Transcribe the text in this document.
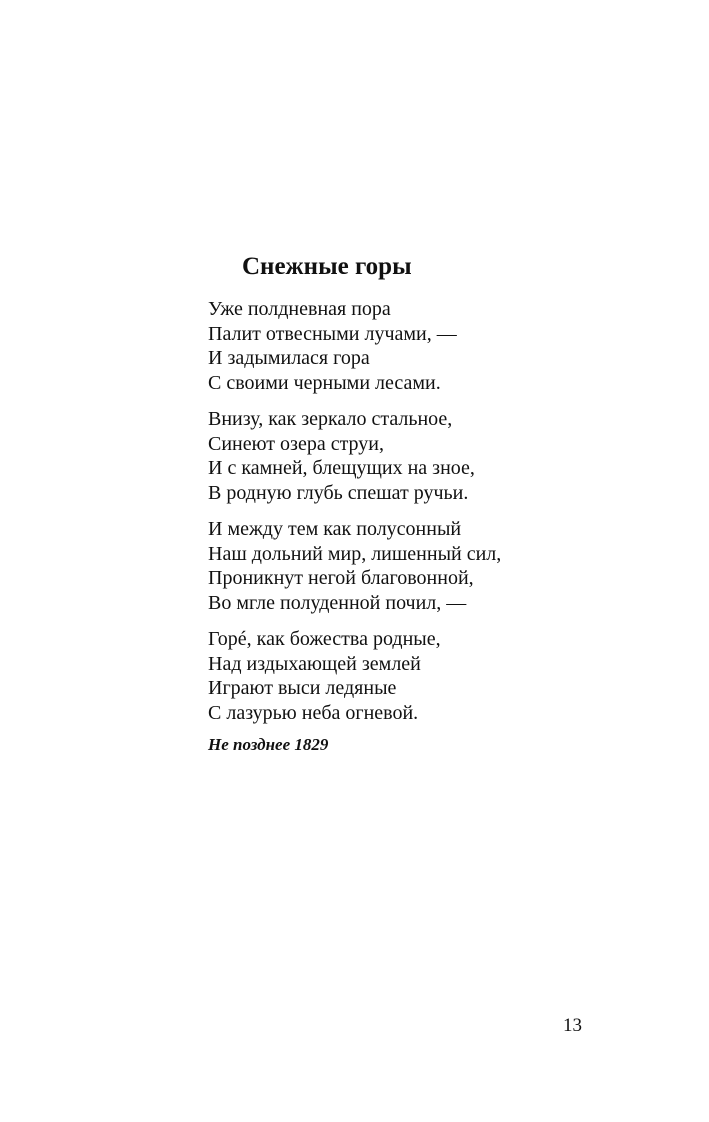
Снежные горы

Уже полдневная пора
Палит отвесными лучами, —
И задымилася гора
С своими черными лесами.

Внизу, как зеркало стальное,
Синеют озера струи,
И с камней, блещущих на зное,
В родную глубь спешат ручьи.

И между тем как полусонный
Наш дольний мир, лишенный сил,
Проникнут негой благовонной,
Во мгле полуденной почил, —

Горé, как божества родные,
Над издыхающей землей
Играют выси ледяные
С лазурью неба огневой.

Не позднее 1829

13
